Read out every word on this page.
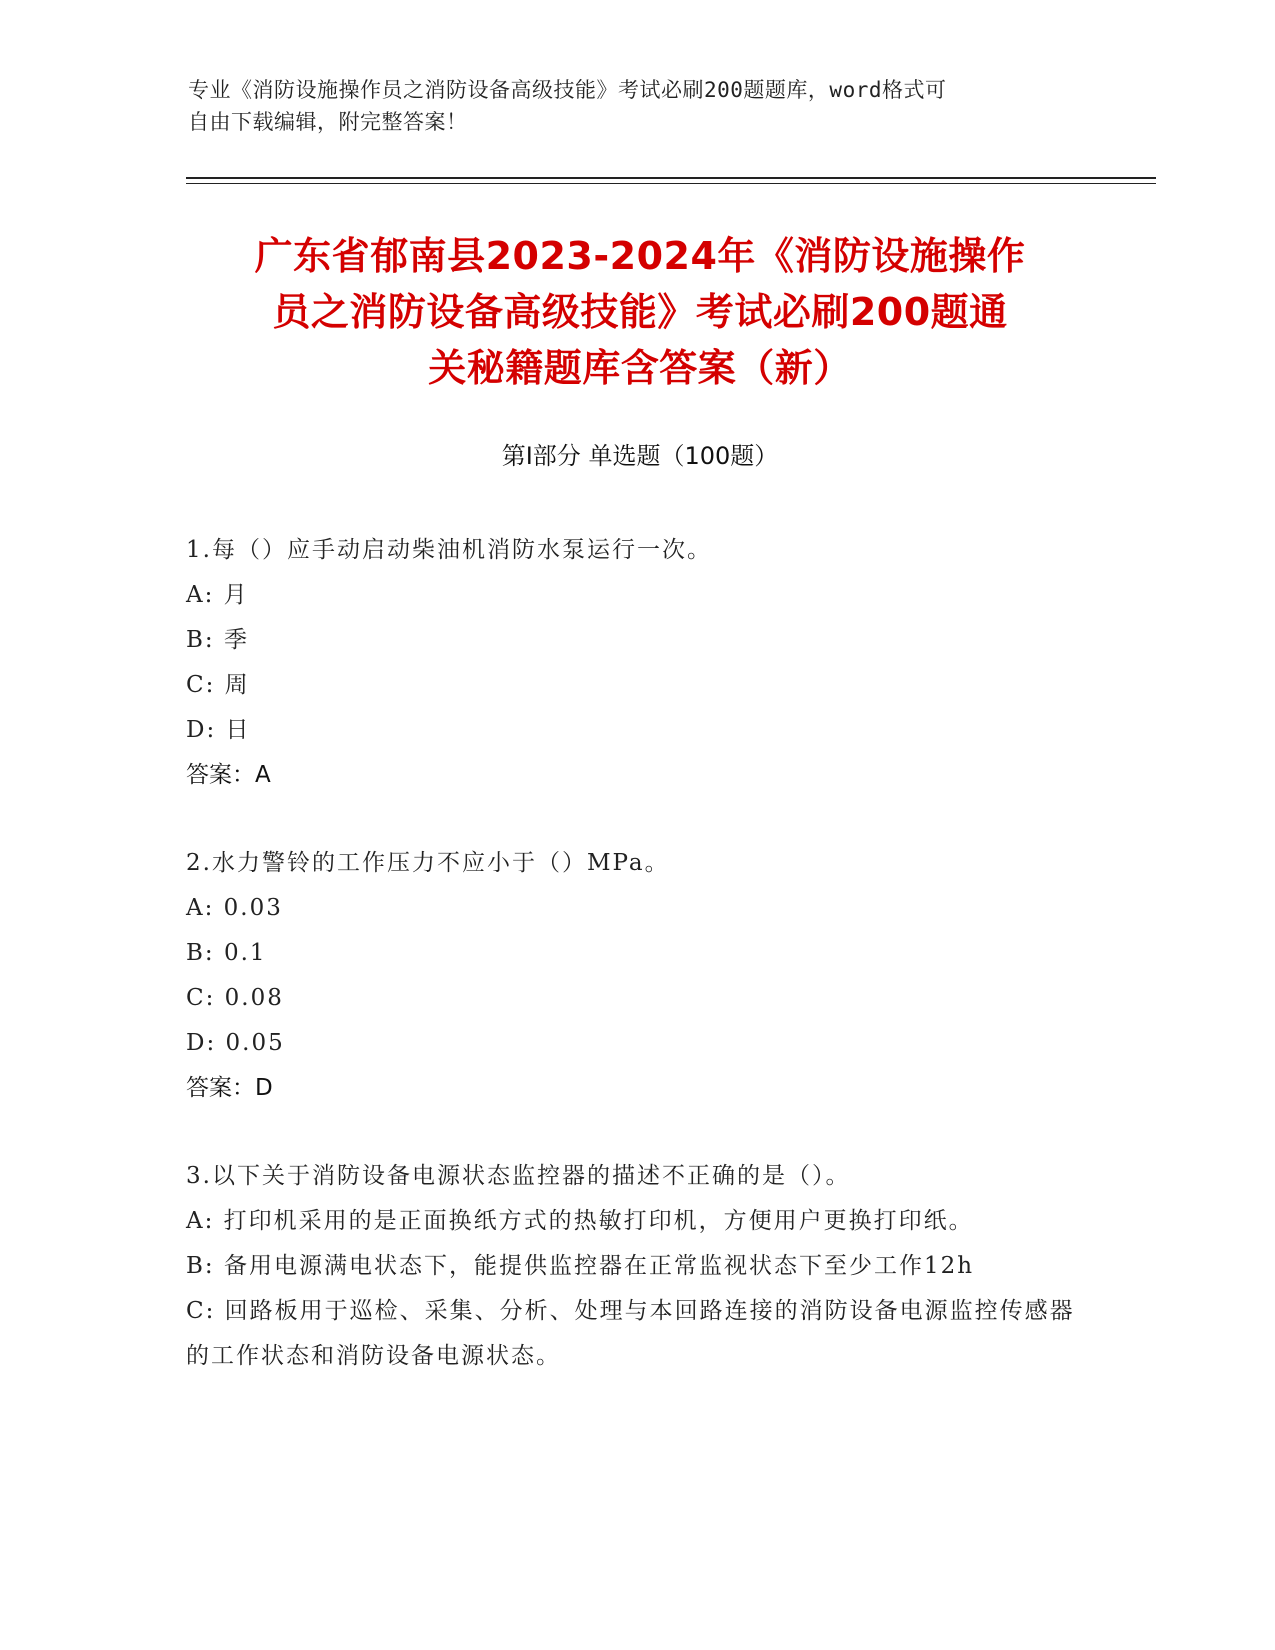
专业《消防设施操作员之消防设备高级技能》考试必刷200题题库，word格式可
自由下载编辑，附完整答案！
广东省郁南县2023-2024年《消防设施操作
员之消防设备高级技能》考试必刷200题通
关秘籍题库含答案（新）
第Ⅰ部分 单选题（100题）
1.每（）应手动启动柴油机消防水泵运行一次。
A: 月
B: 季
C: 周
D: 日
答案：A
2.水力警铃的工作压力不应小于（）MPa。
A: 0.03
B: 0.1
C: 0.08
D: 0.05
答案：D
3.以下关于消防设备电源状态监控器的描述不正确的是（）。
A: 打印机采用的是正面换纸方式的热敏打印机，方便用户更换打印纸。
B: 备用电源满电状态下，能提供监控器在正常监视状态下至少工作12h
C: 回路板用于巡检、采集、分析、处理与本回路连接的消防设备电源监控传感器的工作状态和消防设备电源状态。
